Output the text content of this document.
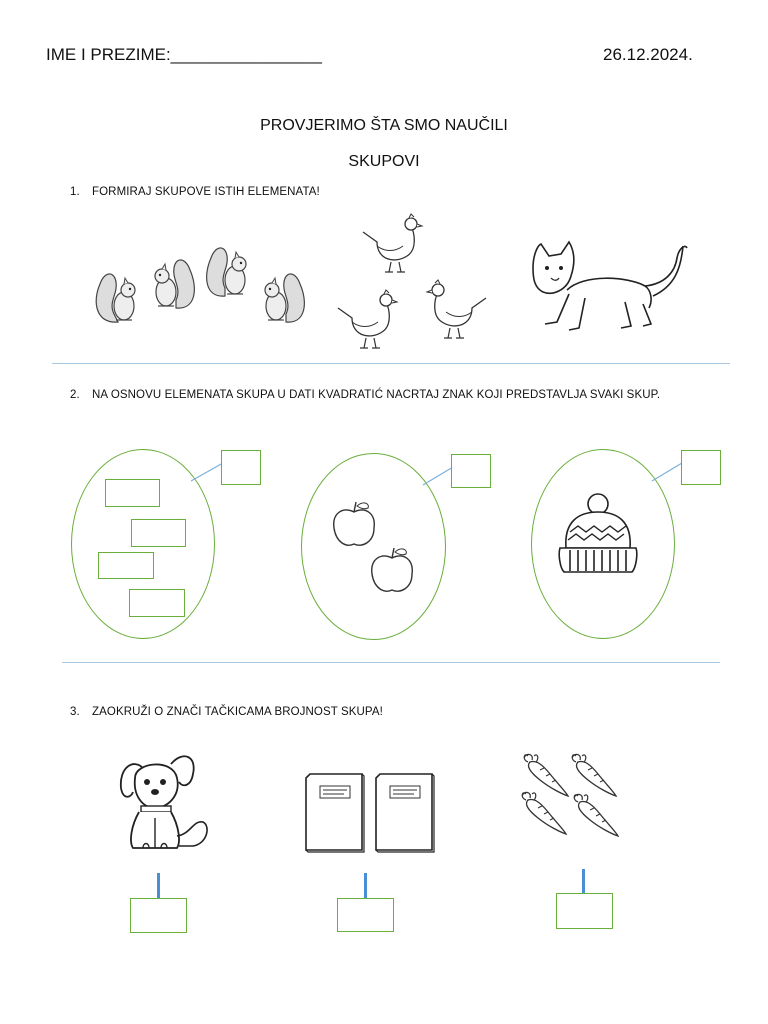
IME I PREZIME:________________	26.12.2024.
PROVJERIMO ŠTA SMO NAUČILI
SKUPOVI
1. FORMIRAJ SKUPOVE ISTIH ELEMENATA!
2. NA OSNOVU ELEMENATA SKUPA U DATI KVADRATIĆ NACRTAJ ZNAK KOJI PREDSTAVLJA SVAKI SKUP.
3. ZAOKRUŽI O ZNAČI TAČKICAMA BROJNOST SKUPA!
